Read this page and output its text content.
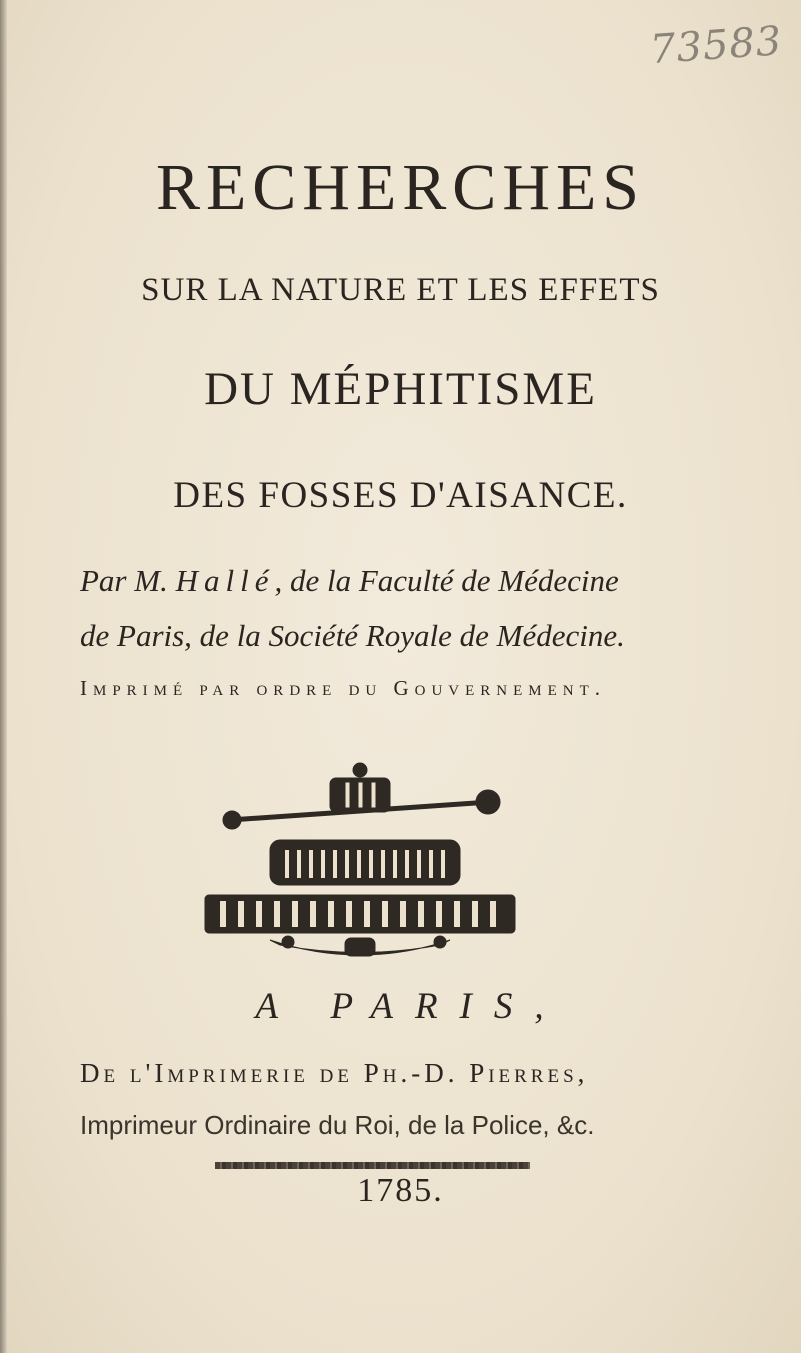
73583
RECHERCHES
SUR LA NATURE ET LES EFFETS
DU MÉPHITISME
DES FOSSES D'AISANCE.
Par M. Hallé, de la Faculté de Médecine
de Paris, de la Société Royale de Médecine.
Imprimé par ordre du Gouvernement.
A PARIS,
De l'Imprimerie de Ph.-D. Pierres,
Imprimeur Ordinaire du Roi, de la Police, &c.
1785.
